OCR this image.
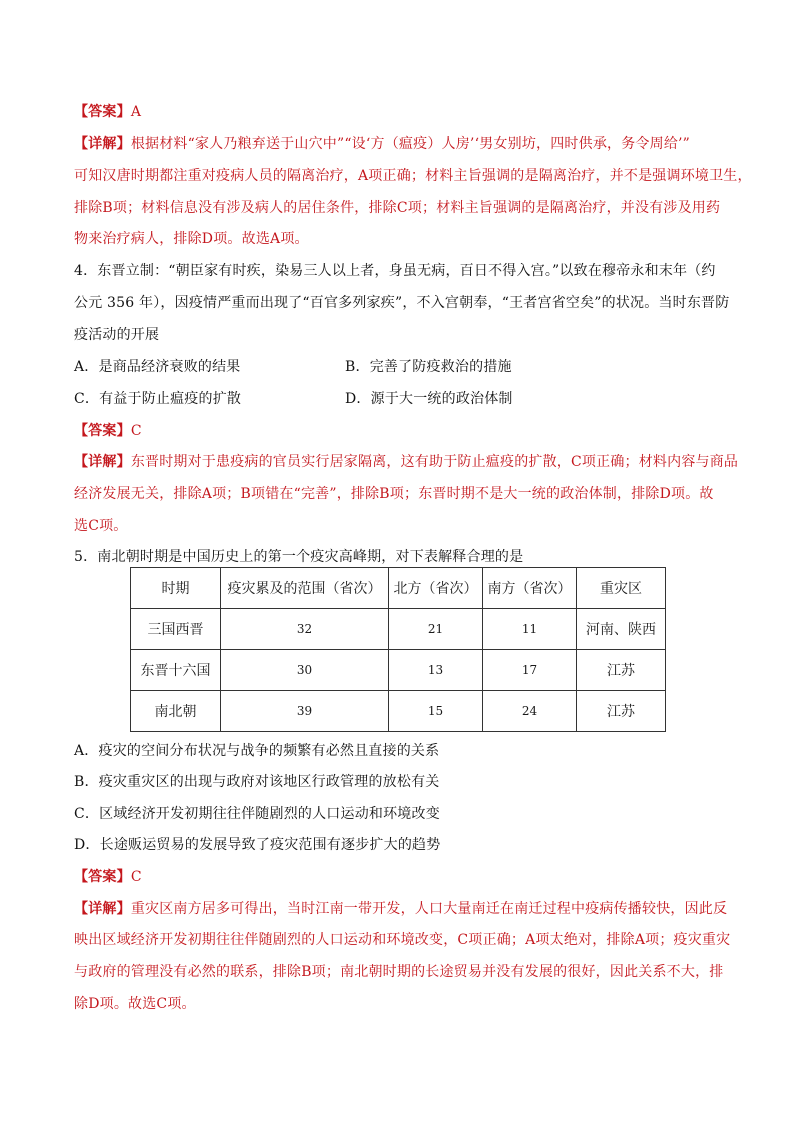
【答案】A
【详解】根据材料“家人乃粮弃送于山穴中”“设‘方（瘟疫）人房’‘男女别坊，四时供承，务令周给’”
可知汉唐时期都注重对疫病人员的隔离治疗，A项正确；材料主旨强调的是隔离治疗，并不是强调环境卫生，
排除B项；材料信息没有涉及病人的居住条件，排除C项；材料主旨强调的是隔离治疗，并没有涉及用药
物来治疗病人，排除D项。故选A项。
4．东晋立制：“朝臣家有时疾，染易三人以上者，身虽无病，百日不得入宫。”以致在穆帝永和末年（约
公元 356 年），因疫情严重而出现了“百官多列家疾”，不入宫朝奉，“王者宫省空矣”的状况。当时东晋防
疫活动的开展
A．是商品经济衰败的结果	B．完善了防疫救治的措施
C．有益于防止瘟疫的扩散	D．源于大一统的政治体制
【答案】C
【详解】东晋时期对于患疫病的官员实行居家隔离，这有助于防止瘟疫的扩散，C项正确；材料内容与商品
经济发展无关，排除A项；B项错在“完善”，排除B项；东晋时期不是大一统的政治体制，排除D项。故
选C项。
5．南北朝时期是中国历史上的第一个疫灾高峰期，对下表解释合理的是
时期	疫灾累及的范围（省次）	北方（省次）	南方（省次）	重灾区
三国西晋	32	21	11	河南、陕西
东晋十六国	30	13	17	江苏
南北朝	39	15	24	江苏
A．疫灾的空间分布状况与战争的频繁有必然且直接的关系
B．疫灾重灾区的出现与政府对该地区行政管理的放松有关
C．区域经济开发初期往往伴随剧烈的人口运动和环境改变
D．长途贩运贸易的发展导致了疫灾范围有逐步扩大的趋势
【答案】C
【详解】重灾区南方居多可得出，当时江南一带开发，人口大量南迁在南迁过程中疫病传播较快，因此反
映出区域经济开发初期往往伴随剧烈的人口运动和环境改变，C项正确；A项太绝对，排除A项；疫灾重灾
与政府的管理没有必然的联系，排除B项；南北朝时期的长途贸易并没有发展的很好，因此关系不大，排
除D项。故选C项。
